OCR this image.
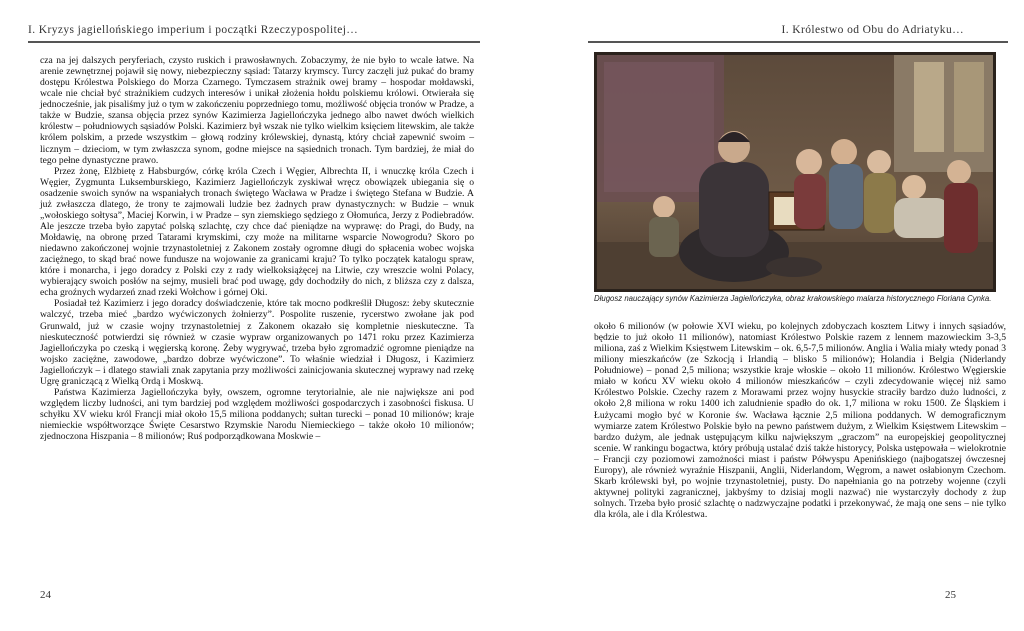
I. Kryzys jagiellońskiego imperium i początki Rzeczypospolitej…

cza na jej dalszych peryferiach, czysto ruskich i prawosławnych. Zobaczymy, że nie było to wcale łatwe. Na arenie zewnętrznej pojawił się nowy, niebezpieczny sąsiad: Tatarzy krymscy. Turcy zaczęli już pukać do bramy dostępu Królestwa Polskiego do Morza Czarnego. Tymczasem strażnik owej bramy – hospodar mołdawski, wcale nie chciał być strażnikiem cudzych interesów i unikał złożenia hołdu polskiemu królowi. Otwierała się jednocześnie, jak pisaliśmy już o tym w zakończeniu poprzedniego tomu, możliwość objęcia tronów w Pradze, a także w Budzie, szansa objęcia przez synów Kazimierza Jagiellończyka jednego albo nawet dwóch wielkich królestw – południowych sąsiadów Polski. Kazimierz był wszak nie tylko wielkim księciem litewskim, ale także królem polskim, a przede wszystkim – głową rodziny królewskiej, dynastą, który chciał zapewnić swoim – licznym – dzieciom, w tym zwłaszcza synom, godne miejsce na sąsiednich tronach. Tym bardziej, że miał do tego pełne dynastyczne prawo.

Przez żonę, Elżbietę z Habsburgów, córkę króla Czech i Węgier, Albrechta II, i wnuczkę króla Czech i Węgier, Zygmunta Luksemburskiego, Kazimierz Jagiellończyk zyskiwał wręcz obowiązek ubiegania się o osadzenie swoich synów na wspaniałych tronach świętego Wacława w Pradze i świętego Stefana w Budzie. A już zwłaszcza dlatego, że trony te zajmowali ludzie bez żadnych praw dynastycznych: w Budzie – wnuk „wołoskiego sołtysa”, Maciej Korwin, i w Pradze – syn ziemskiego sędziego z Ołomuńca, Jerzy z Podiebradów. Ale jeszcze trzeba było zapytać polską szlachtę, czy chce dać pieniądze na wyprawę: do Pragi, do Budy, na Mołdawię, na obronę przed Tatarami krymskimi, czy może na militarne wsparcie Nowogrodu? Skoro po niedawno zakończonej wojnie trzynastoletniej z Zakonem zostały ogromne długi do spłacenia wobec wojska zaciężnego, to skąd brać nowe fundusze na wojowanie za granicami kraju? To tylko początek katalogu spraw, które i monarcha, i jego doradcy z Polski czy z rady wielkoksiążęcej na Litwie, czy wreszcie wolni Polacy, wybierający swoich posłów na sejmy, musieli brać pod uwagę, gdy dochodziły do nich, z bliższa czy z dalsza, echa groźnych wydarzeń znad rzeki Wołchow i górnej Oki.

Posiadał też Kazimierz i jego doradcy doświadczenie, które tak mocno podkreślił Długosz: żeby skutecznie walczyć, trzeba mieć „bardzo wyćwiczonych żołnierzy”. Pospolite ruszenie, rycerstwo zwołane jak pod Grunwald, już w czasie wojny trzynastoletniej z Zakonem okazało się kompletnie nieskuteczne. Ta nieskuteczność potwierdzi się również w czasie wypraw organizowanych po 1471 roku przez Kazimierza Jagiellończyka po czeską i węgierską koronę. Żeby wygrywać, trzeba było zgromadzić ogromne pieniądze na wojsko zaciężne, zawodowe, „bardzo dobrze wyćwiczone”. To właśnie wiedział i Długosz, i Kazimierz Jagiellończyk – i dlatego stawiali znak zapytania przy możliwości zainicjowania skutecznej wyprawy nad rzekę Ugrę graniczącą z Wielką Ordą i Moskwą.

Państwa Kazimierza Jagiellończyka były, owszem, ogromne terytorialnie, ale nie największe ani pod względem liczby ludności, ani tym bardziej pod względem możliwości gospodarczych i zasobności fiskusa. U schyłku XV wieku król Francji miał około 15,5 miliona poddanych; sułtan turecki – ponad 10 milionów; kraje niemieckie współtworzące Święte Cesarstwo Rzymskie Narodu Niemieckiego – także około 10 milionów; zjednoczona Hiszpania – 8 milionów; Ruś podporządkowana Moskwie –

24
I. Królestwo od Obu do Adriatyku…
Długosz nauczający synów Kazimierza Jagiellończyka, obraz krakowskiego malarza historycznego Floriana Cynka.

około 6 milionów (w połowie XVI wieku, po kolejnych zdobyczach kosztem Litwy i innych sąsiadów, będzie to już około 11 milionów), natomiast Królestwo Polskie razem z lennem mazowieckim 3-3,5 miliona, zaś z Wielkim Księstwem Litewskim – ok. 6,5-7,5 milionów. Anglia i Walia miały wtedy ponad 3 miliony mieszkańców (ze Szkocją i Irlandią – blisko 5 milionów); Holandia i Belgia (Niderlandy Południowe) – ponad 2,5 miliona; wszystkie kraje włoskie – około 11 milionów. Królestwo Węgierskie miało w końcu XV wieku około 4 milionów mieszkańców – czyli zdecydowanie więcej niż samo Królestwo Polskie. Czechy razem z Morawami przez wojny husyckie straciły bardzo dużo ludności, z około 2,8 miliona w roku 1400 ich zaludnienie spadło do ok. 1,7 miliona w roku 1500. Ze Śląskiem i Łużycami mogło być w Koronie św. Wacława łącznie 2,5 miliona poddanych. W demograficznym wymiarze zatem Królestwo Polskie było na pewno państwem dużym, z Wielkim Księstwem Litewskim – bardzo dużym, ale jednak ustępującym kilku największym „graczom” na europejskiej geopolitycznej scenie. W rankingu bogactwa, który próbują ustalać dziś także historycy, Polska ustępowała – wielokrotnie – Francji czy poziomowi zamożności miast i państw Półwyspu Apenińskiego (najbogatszej ówczesnej Europy), ale również wyraźnie Hiszpanii, Anglii, Niderlandom, Węgrom, a nawet osłabionym Czechom. Skarb królewski był, po wojnie trzynastoletniej, pusty. Do napełniania go na potrzeby wojenne (czyli aktywnej polityki zagranicznej, jakbyśmy to dzisiaj mogli nazwać) nie wystarczyły dochody z żup solnych. Trzeba było prosić szlachtę o nadzwyczajne podatki i przekonywać, że mają one sens – nie tylko dla króla, ale i dla Królestwa.

25
